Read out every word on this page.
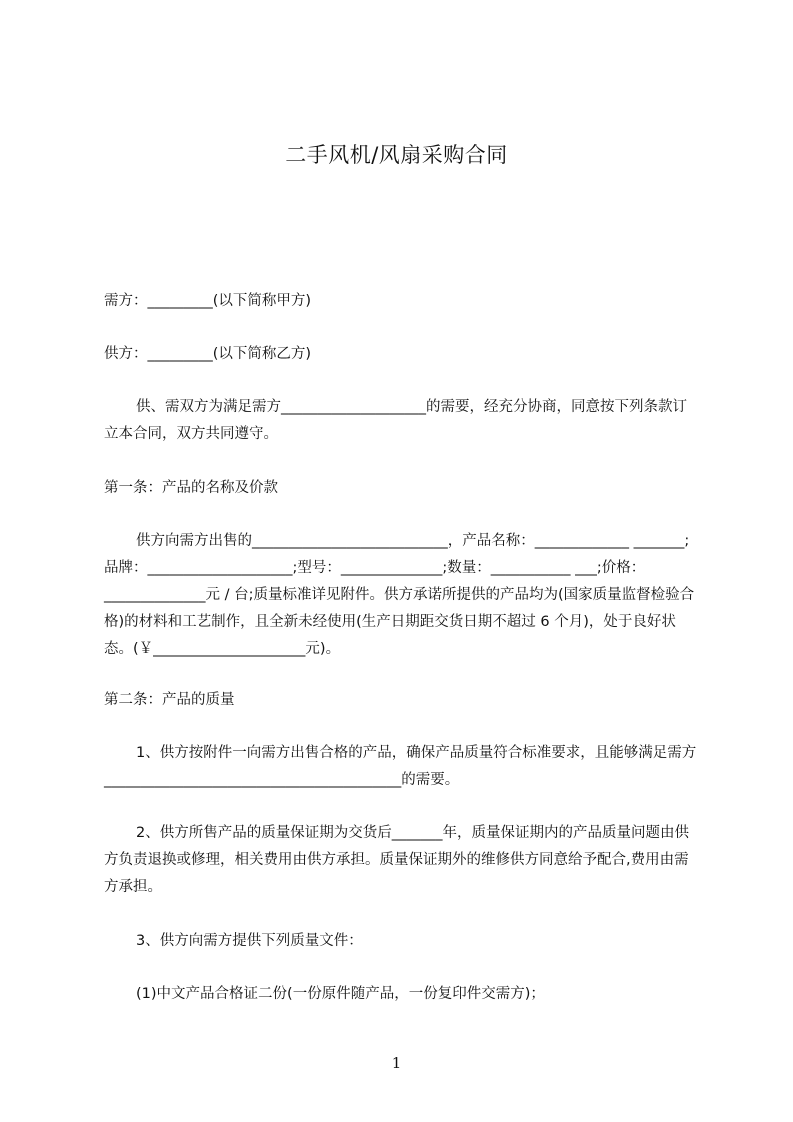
二手风机/风扇采购合同

需方：_________(以下简称甲方)

供方：_________(以下简称乙方)

供、需双方为满足需方____________________的需要，经充分协商，同意按下列条款订立本合同，双方共同遵守。

第一条：产品的名称及价款

供方向需方出售的___________________________，产品名称：_____________ _______;品牌：____________________;型号：______________;数量：___________ ___;价格：______________元 / 台;质量标准详见附件。供方承诺所提供的产品均为(国家质量监督检验合格)的材料和工艺制作，且全新未经使用(生产日期距交货日期不超过 6 个月)，处于良好状态。(￥_____________________元)。

第二条：产品的质量

1、供方按附件一向需方出售合格的产品，确保产品质量符合标准要求，且能够满足需方_________________________________________的需要。

2、供方所售产品的质量保证期为交货后_______年，质量保证期内的产品质量问题由供方负责退换或修理，相关费用由供方承担。质量保证期外的维修供方同意给予配合,费用由需方承担。

3、供方向需方提供下列质量文件：

(1)中文产品合格证二份(一份原件随产品，一份复印件交需方)；

1
